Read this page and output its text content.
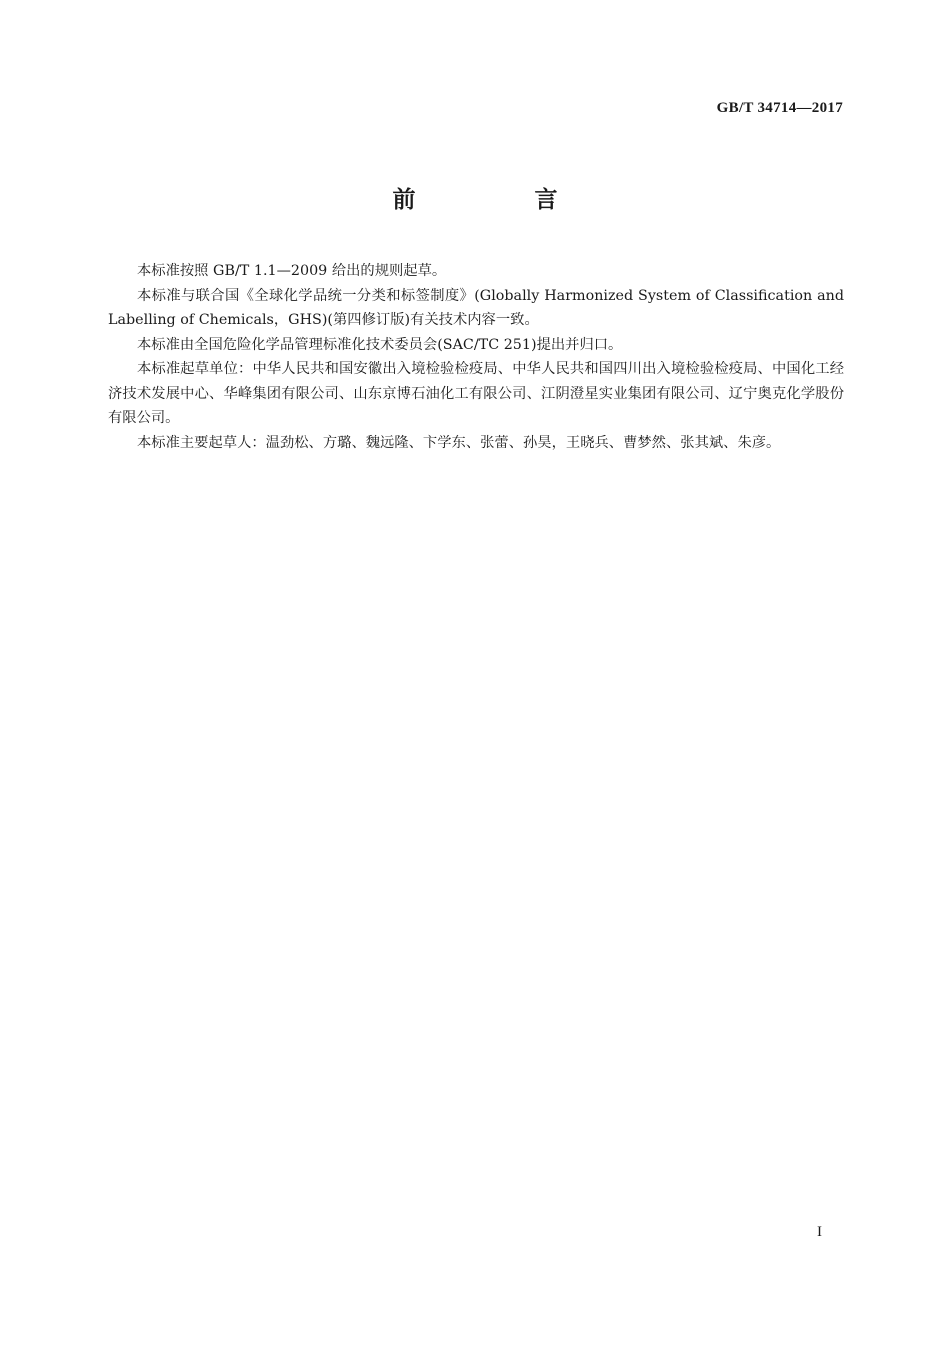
GB/T 34714—2017
前　言

本标准按照 GB/T 1.1—2009 给出的规则起草。

本标准与联合国《全球化学品统一分类和标签制度》(Globally Harmonized System of Classification and Labelling of Chemicals，GHS)(第四修订版)有关技术内容一致。

本标准由全国危险化学品管理标准化技术委员会(SAC/TC 251)提出并归口。

本标准起草单位：中华人民共和国安徽出入境检验检疫局、中华人民共和国四川出入境检验检疫局、中国化工经济技术发展中心、华峰集团有限公司、山东京博石油化工有限公司、江阴澄星实业集团有限公司、辽宁奥克化学股份有限公司。

本标准主要起草人：温劲松、方璐、魏远隆、卞学东、张蕾、孙昊，王晓兵、曹梦然、张其斌、朱彦。

I
